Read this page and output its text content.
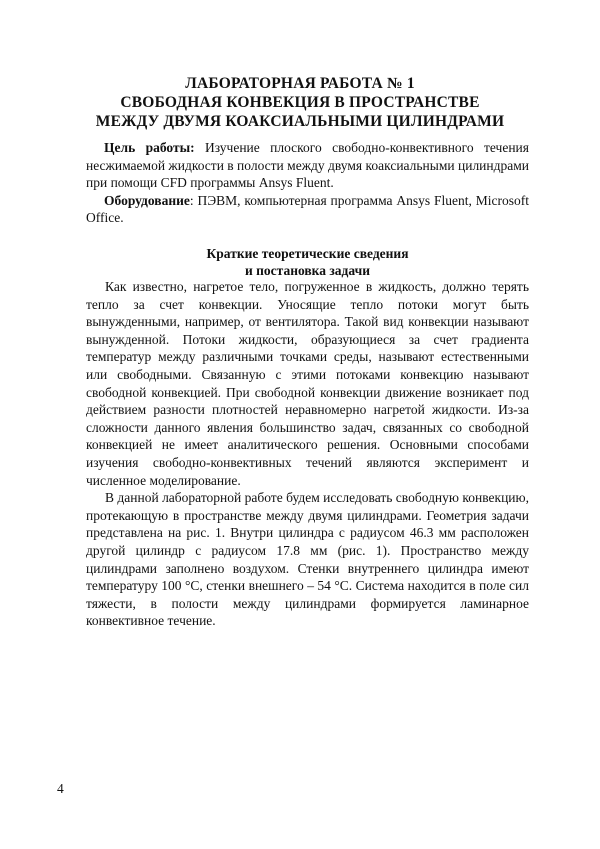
ЛАБОРАТОРНАЯ РАБОТА № 1
СВОБОДНАЯ КОНВЕКЦИЯ В ПРОСТРАНСТВЕ
МЕЖДУ ДВУМЯ КОАКСИАЛЬНЫМИ ЦИЛИНДРАМИ

Цель работы: Изучение плоского свободно-конвективного течения несжимаемой жидкости в полости между двумя коаксиальными цилиндрами при помощи CFD программы Ansys Fluent.

Оборудование: ПЭВМ, компьютерная программа Ansys Fluent, Microsoft Office.

Краткие теоретические сведения
и постановка задачи

Как известно, нагретое тело, погруженное в жидкость, должно терять тепло за счет конвекции. Уносящие тепло потоки могут быть вынужденными, например, от вентилятора. Такой вид конвекции называют вынужденной. Потоки жидкости, образующиеся за счет градиента температур между различными точками среды, называют естественными или свободными. Связанную с этими потоками конвекцию называют свободной конвекцией. При свободной конвекции движение возникает под действием разности плотностей неравномерно нагретой жидкости. Из-за сложности данного явления большинство задач, связанных со свободной конвекцией не имеет аналитического решения. Основными способами изучения свободно-конвективных течений являются эксперимент и численное моделирование.

В данной лабораторной работе будем исследовать свободную конвекцию, протекающую в пространстве между двумя цилиндрами. Геометрия задачи представлена на рис. 1. Внутри цилиндра с радиусом 46.3 мм расположен другой цилиндр с радиусом 17.8 мм (рис. 1). Пространство между цилиндрами заполнено воздухом. Стенки внутреннего цилиндра имеют температуру 100 °С, стенки внешнего – 54 °С. Система находится в поле сил тяжести, в полости между цилиндрами формируется ламинарное конвективное течение.

4
